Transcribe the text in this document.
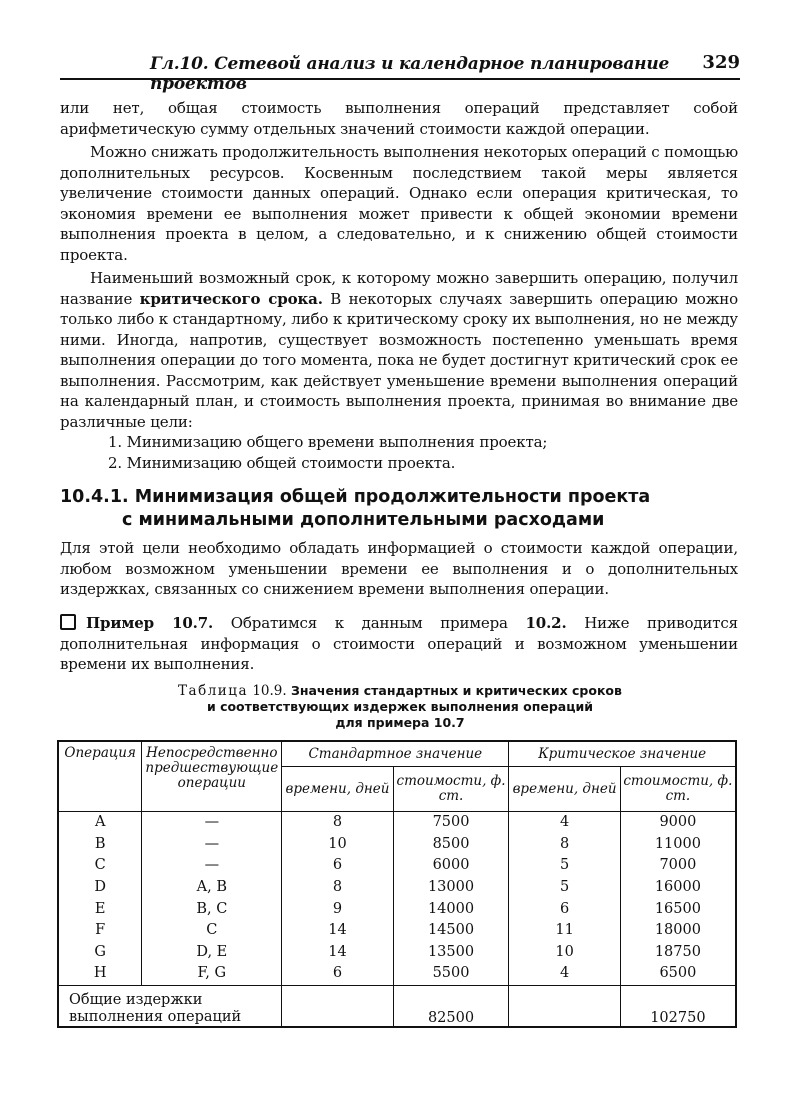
Гл.10. Сетевой анализ и календарное планирование проектов
329

или нет, общая стоимость выполнения операций представляет собой арифметическую сумму отдельных значений стоимости каждой операции.

Можно снижать продолжительность выполнения некоторых операций с помощью дополнительных ресурсов. Косвенным последствием такой меры является увеличение стоимости данных операций. Однако если операция критическая, то экономия времени ее выполнения может привести к общей экономии времени выполнения проекта в целом, а следовательно, и к снижению общей стоимости проекта.

Наименьший возможный срок, к которому можно завершить операцию, получил название критического срока. В некоторых случаях завершить операцию можно только либо к стандартному, либо к критическому сроку их выполнения, но не между ними. Иногда, напротив, существует возможность постепенно уменьшать время выполнения операции до того момента, пока не будет достигнут критический срок ее выполнения. Рассмотрим, как действует уменьшение времени выполнения операций на календарный план, и стоимость выполнения проекта, принимая во внимание две различные цели:

1. Минимизацию общего времени выполнения проекта;
2. Минимизацию общей стоимости проекта.
10.4.1. Минимизация общей продолжительности проекта
с минимальными дополнительными расходами

Для этой цели необходимо обладать информацией о стоимости каждой операции, любом возможном уменьшении времени ее выполнения и о дополнительных издержках, связанных со снижением времени выполнения операции.

Пример 10.7. Обратимся к данным примера 10.2. Ниже приводится дополнительная информация о стоимости операций и возможном уменьшении времени их выполнения.

Таблица 10.9. Значения стандартных и критических сроков
и соответствующих издержек выполнения операций
для примера 10.7
Операция	Непосредственно предшествующие операции	Стандартное значение		Критическое значение	
		времени, дней	стоимости, ф. ст.	времени, дней	стоимости, ф. ст.
A	—	8	7500	4	9000
B	—	10	8500	8	11000
C	—	6	6000	5	7000
D	A, B	8	13000	5	16000
E	B, C	9	14000	6	16500
F	C	14	14500	11	18000
G	D, E	14	13500	10	18750
H	F, G	6	5500	4	6500

Общие издержки
выполнения операций			82500		102750
